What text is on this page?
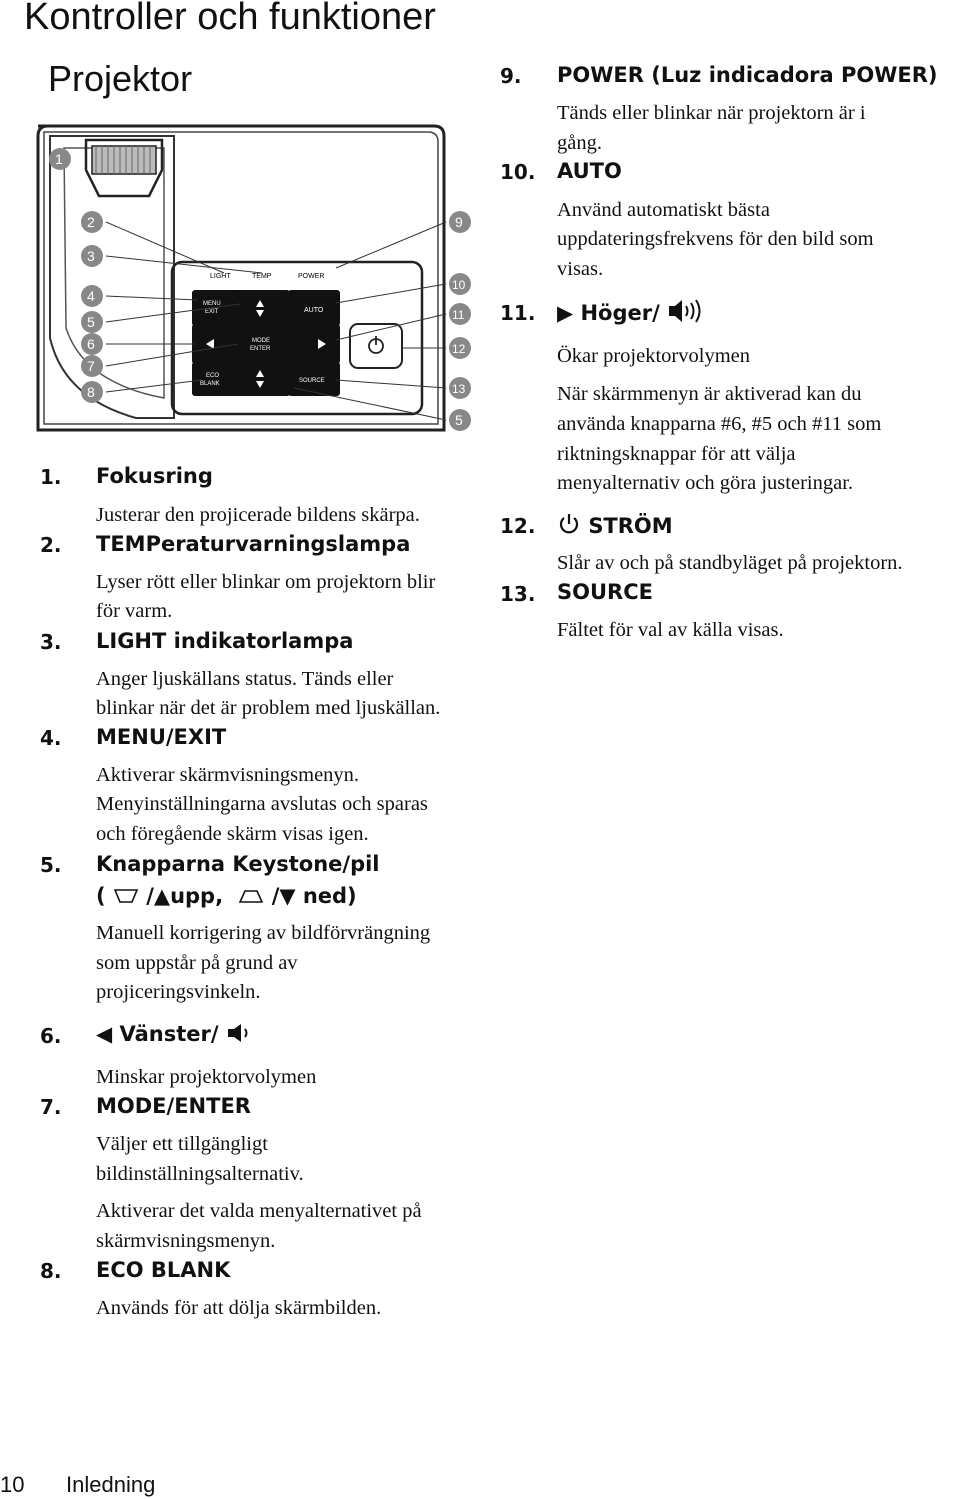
Kontroller och funktioner
Projektor
LIGHT	TEMP	POWER
MENU
EXIT	AUTO
MODE
ENTER
ECO
BLANK	SOURCE
1
2
3
4
5
6
7
8
9
10
11
12
13
5
1. Fokusring
Justerar den projicerade bildens skärpa.
2. TEMPeraturvarningslampa
Lyser rött eller blinkar om projektorn blir
för varm.
3. LIGHT indikatorlampa
Anger ljuskällans status. Tänds eller
blinkar när det är problem med ljuskällan.
4. MENU/EXIT
Aktiverar skärmvisningsmenyn.
Menyinställningarna avslutas och sparas
och föregående skärm visas igen.
5. Knapparna Keystone/pil
( /▲upp, /▼ ned)
Manuell korrigering av bildförvrängning
som uppstår på grund av
projiceringsvinkeln.
6. ◀ Vänster/
Minskar projektorvolymen
7. MODE/ENTER
Väljer ett tillgängligt
bildinställningsalternativ.
Aktiverar det valda menyalternativet på
skärmvisningsmenyn.
8. ECO BLANK
Används för att dölja skärmbilden.
9. POWER (Luz indicadora POWER)
Tänds eller blinkar när projektorn är i
gång.
10. AUTO
Använd automatiskt bästa
uppdateringsfrekvens för den bild som
visas.
11. ▶ Höger/
Ökar projektorvolymen
När skärmmenyn är aktiverad kan du
använda knapparna #6, #5 och #11 som
riktningsknappar för att välja
menyalternativ och göra justeringar.
12.	STRÖM
Slår av och på standbyläget på projektorn.
13. SOURCE
Fältet för val av källa visas.
10 Inledning
